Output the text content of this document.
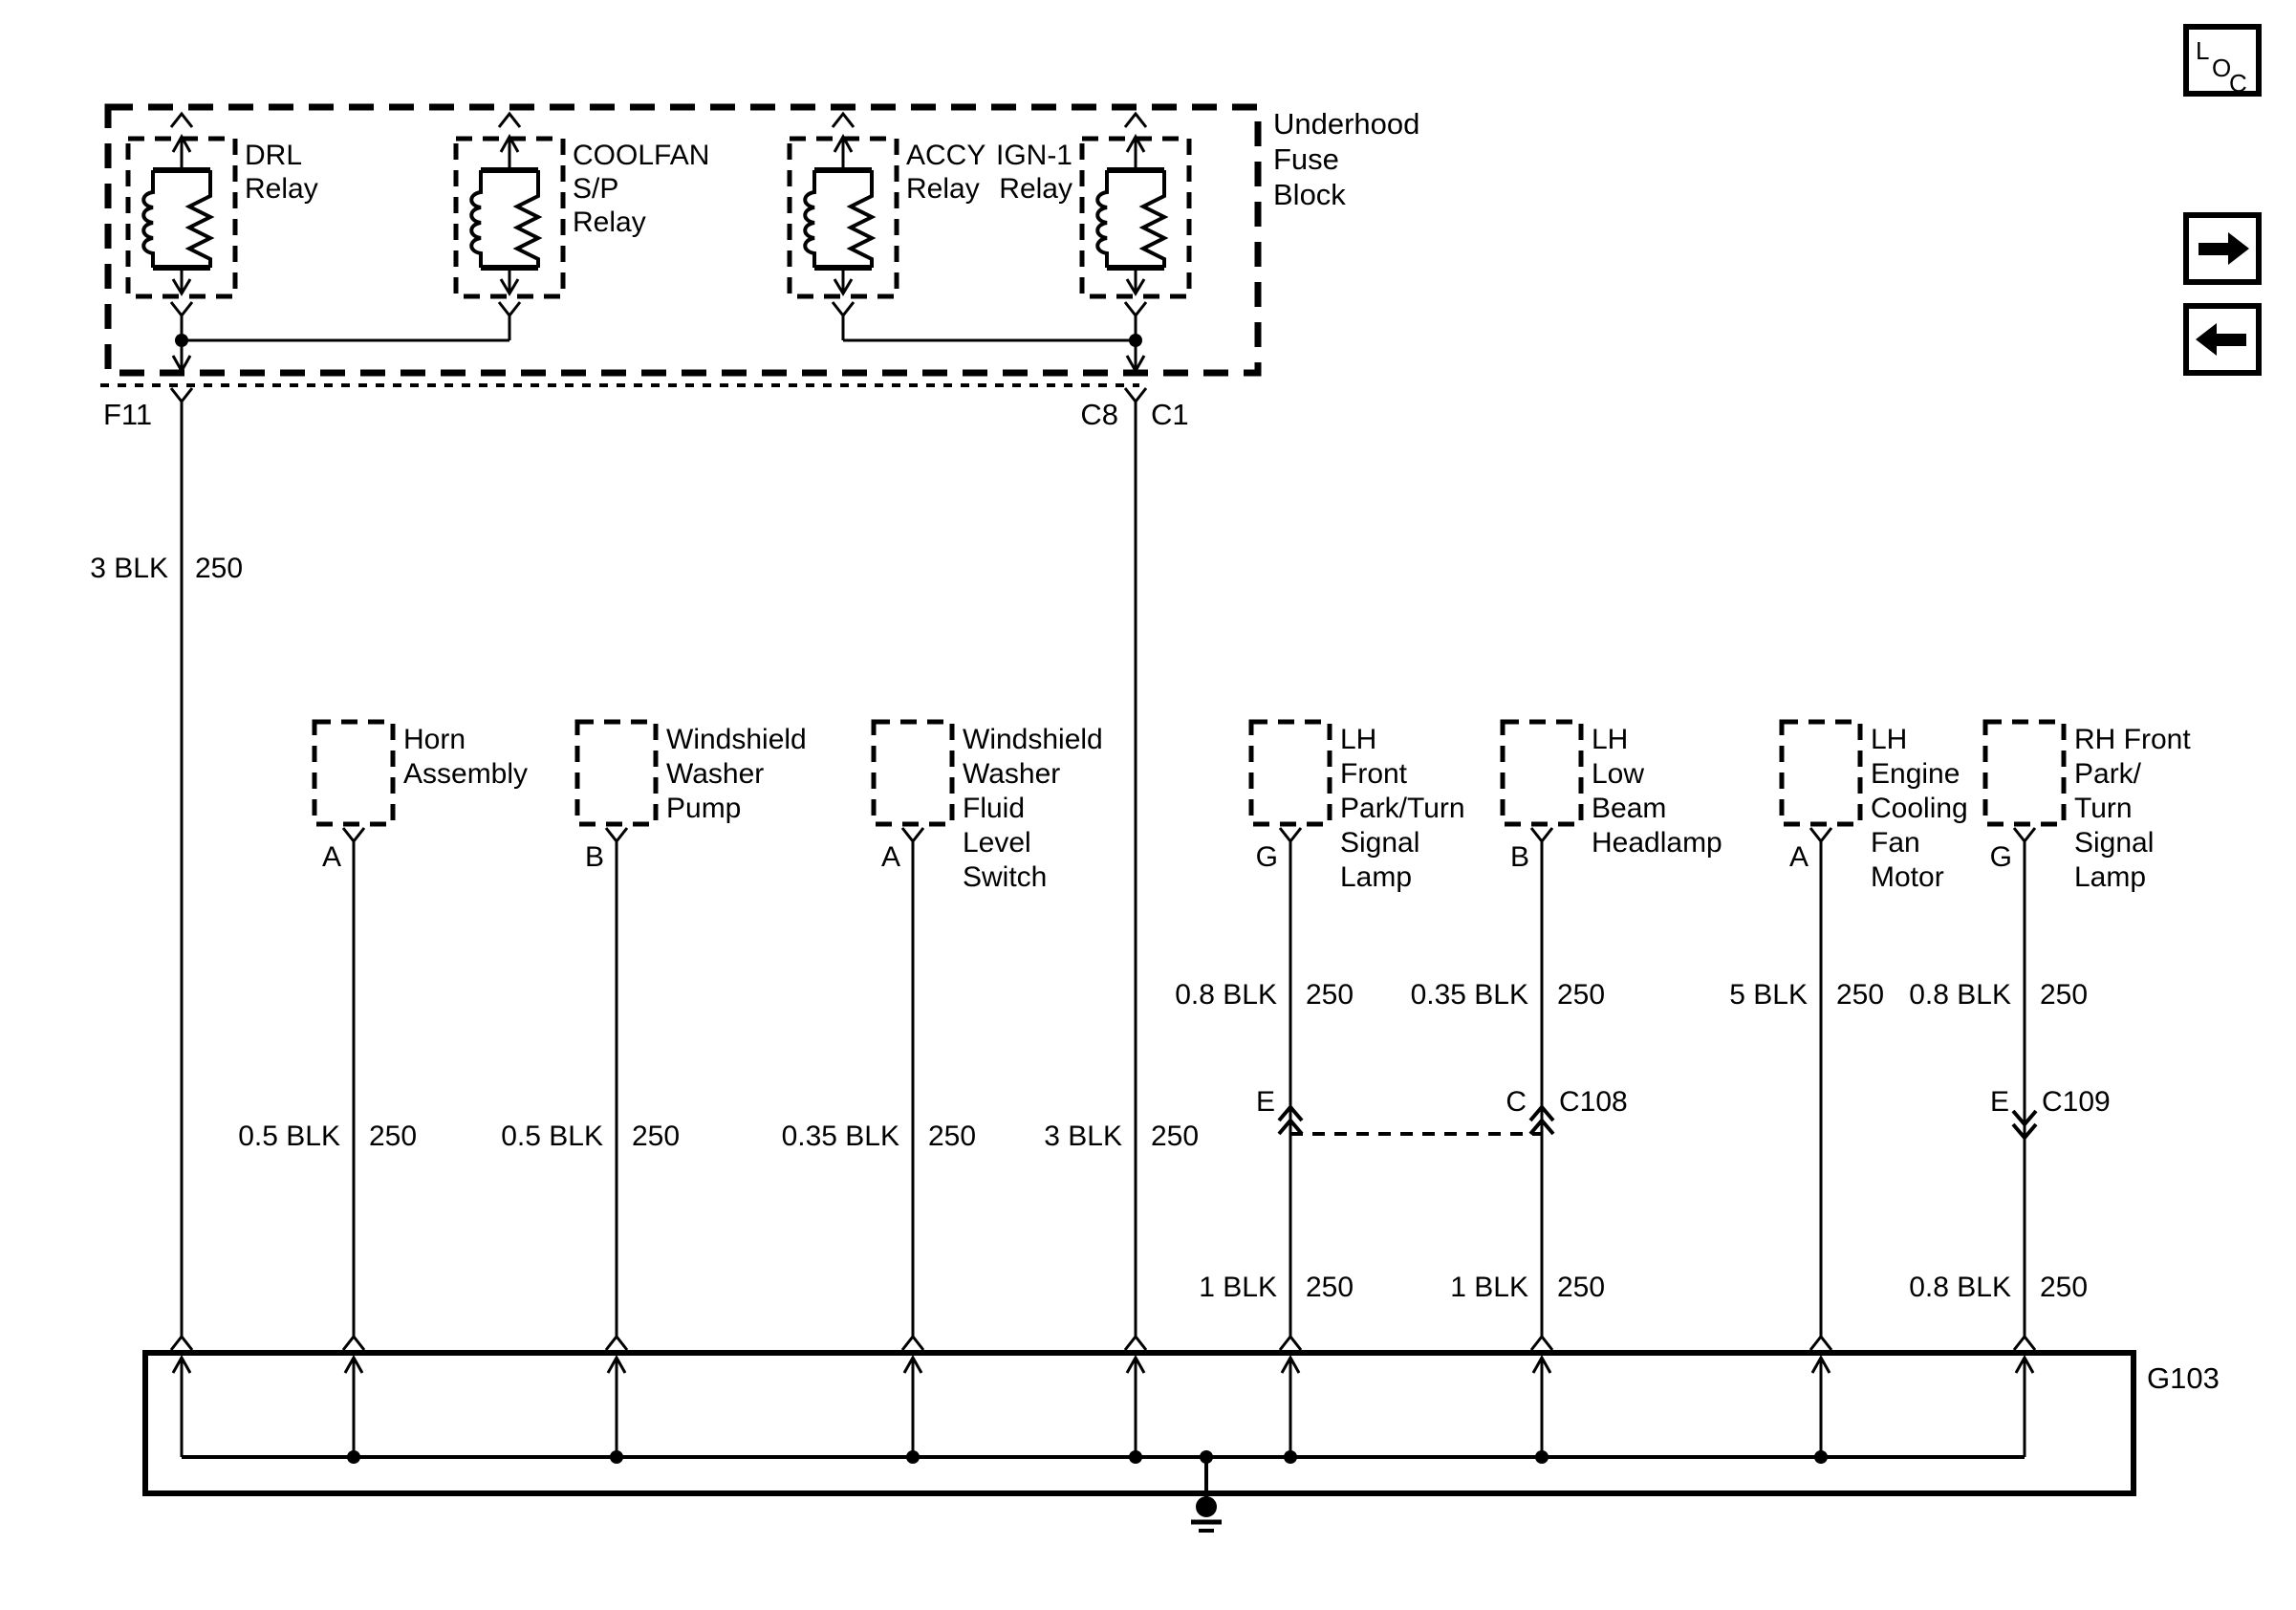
Underhood
Fuse
Block
DRL
Relay
COOLFAN
S/P
Relay
ACCY
Relay
IGN-1
Relay
F11	C8 C1
A
Horn
Assembly
B
Windshield
Washer
Pump
A
Windshield
Washer
Fluid
Level
Switch
G
LH
Front
Park/Turn
Signal
Lamp
B
LH
Low
Beam
Headlamp A
LH
Engine
Cooling
Fan
Motor
G
RH Front
Park/
Turn
Signal
Lamp
3 BLK 250
0.8 BLK 250 0.35 BLK 250	5 BLK 250 0.8 BLK 250
0.5 BLK 250	0.5 BLK 250	0.35 BLK 250 3 BLK 250
1 BLK 250	1 BLK 250	0.8 BLK 250
E	C C108	E C109
G103
L
O
C
